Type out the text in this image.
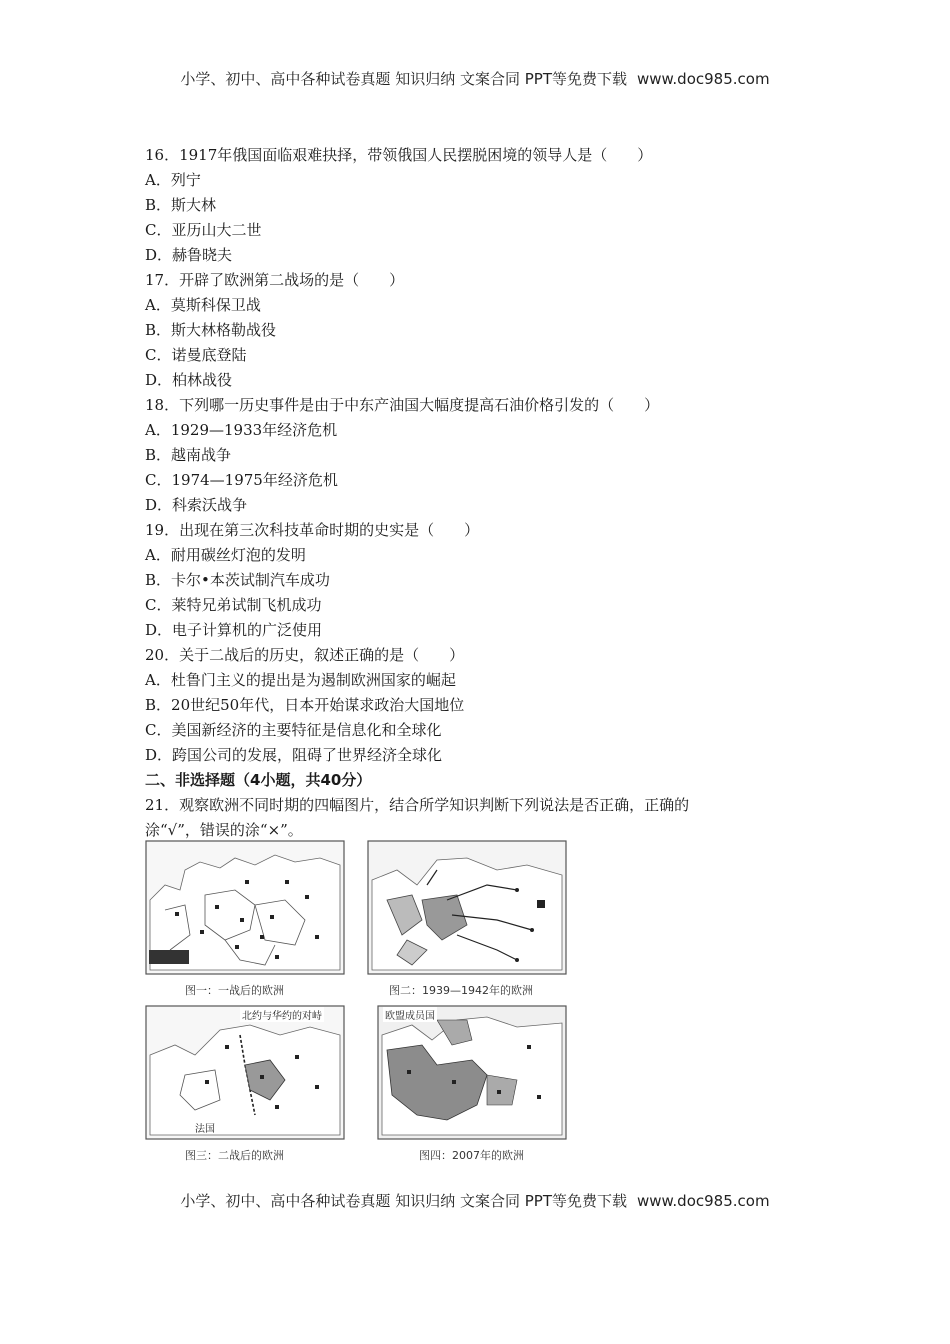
小学、初中、高中各种试卷真题 知识归纳 文案合同 PPT等免费下载 www.doc985.com
16．1917年俄国面临艰难抉择，带领俄国人民摆脱困境的领导人是（　　）
A．列宁
B．斯大林
C．亚历山大二世
D．赫鲁晓夫
17．开辟了欧洲第二战场的是（　　）
A．莫斯科保卫战
B．斯大林格勒战役
C．诺曼底登陆
D．柏林战役
18．下列哪一历史事件是由于中东产油国大幅度提高石油价格引发的（　　）
A．1929—1933年经济危机
B．越南战争
C．1974—1975年经济危机
D．科索沃战争
19．出现在第三次科技革命时期的史实是（　　）
A．耐用碳丝灯泡的发明
B．卡尔•本茨试制汽车成功
C．莱特兄弟试制飞机成功
D．电子计算机的广泛使用
20．关于二战后的历史，叙述正确的是（　　）
A．杜鲁门主义的提出是为遏制欧洲国家的崛起
B．20世纪50年代，日本开始谋求政治大国地位
C．美国新经济的主要特征是信息化和全球化
D．跨国公司的发展，阻碍了世界经济全球化
二、非选择题（4小题，共40分）
21．观察欧洲不同时期的四幅图片，结合所学知识判断下列说法是否正确，正确的
涂“√”，错误的涂“×”。
图一：一战后的欧洲	图二：1939—1942年的欧洲
北约与华约的对峙
法国
图三：二战后的欧洲
欧盟成员国
图四：2007年的欧洲
小学、初中、高中各种试卷真题 知识归纳 文案合同 PPT等免费下载 www.doc985.com
